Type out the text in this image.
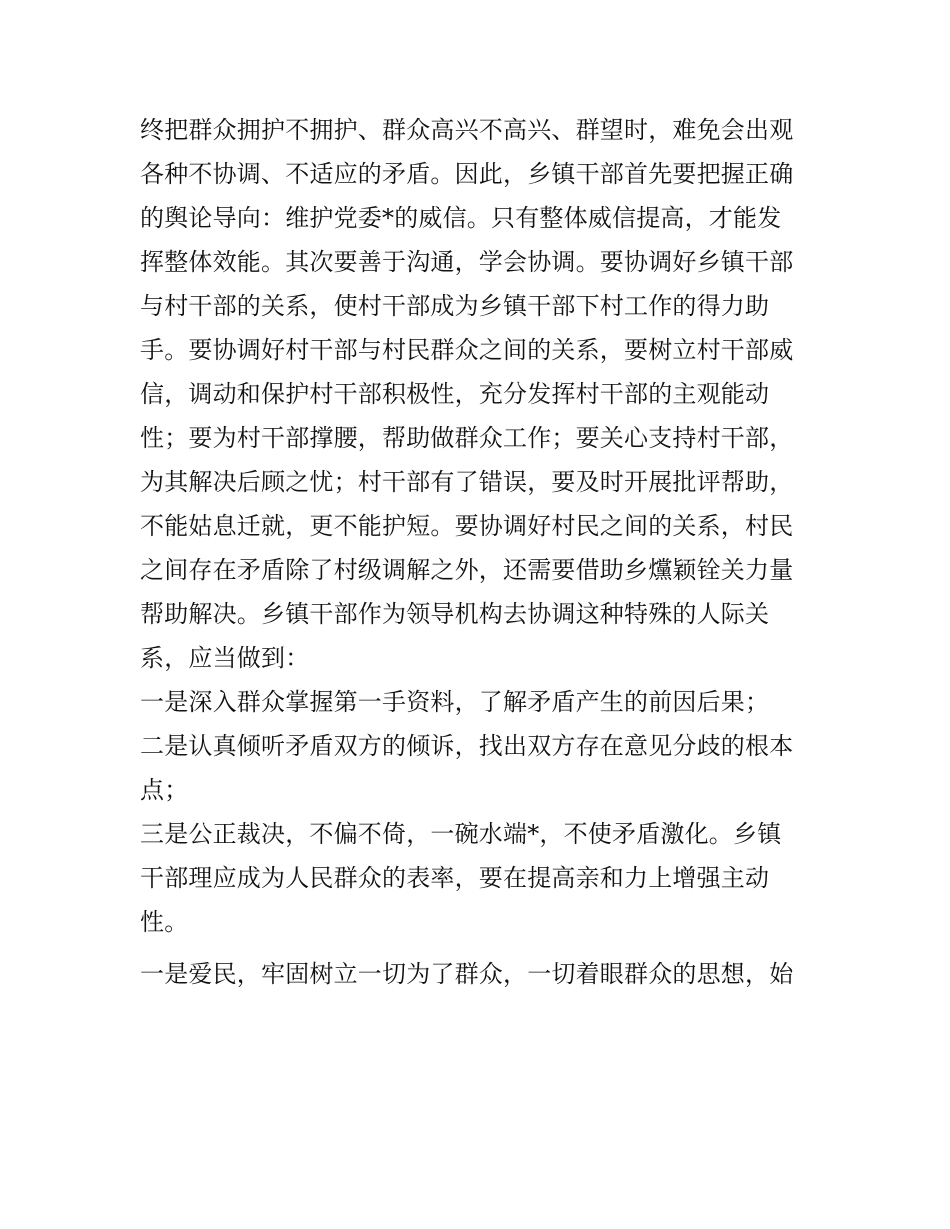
终把群众拥护不拥护、群众高兴不高兴、群望时，难免会出观
各种不协调、不适应的矛盾。因此，乡镇干部首先要把握正确
的舆论导向：维护党委*的威信。只有整体威信提高，才能发
挥整体效能。其次要善于沟通，学会协调。要协调好乡镇干部
与村干部的关系，使村干部成为乡镇干部下村工作的得力助
手。要协调好村干部与村民群众之间的关系，要树立村干部威
信，调动和保护村干部积极性，充分发挥村干部的主观能动
性；要为村干部撑腰，帮助做群众工作；要关心支持村干部，
为其解决后顾之忧；村干部有了错误，要及时开展批评帮助，
不能姑息迁就，更不能护短。要协调好村民之间的关系，村民
之间存在矛盾除了村级调解之外，还需要借助乡爣颖铨关力量
帮助解决。乡镇干部作为领导机构去协调这种特殊的人际关
系，应当做到：
一是深入群众掌握第一手资料，了解矛盾产生的前因后果；
二是认真倾听矛盾双方的倾诉，找出双方存在意见分歧的根本
点；
三是公正裁决，不偏不倚，一碗水端*，不使矛盾激化。乡镇
干部理应成为人民群众的表率，要在提高亲和力上增强主动
性。
一是爱民，牢固树立一切为了群众，一切着眼群众的思想，始
